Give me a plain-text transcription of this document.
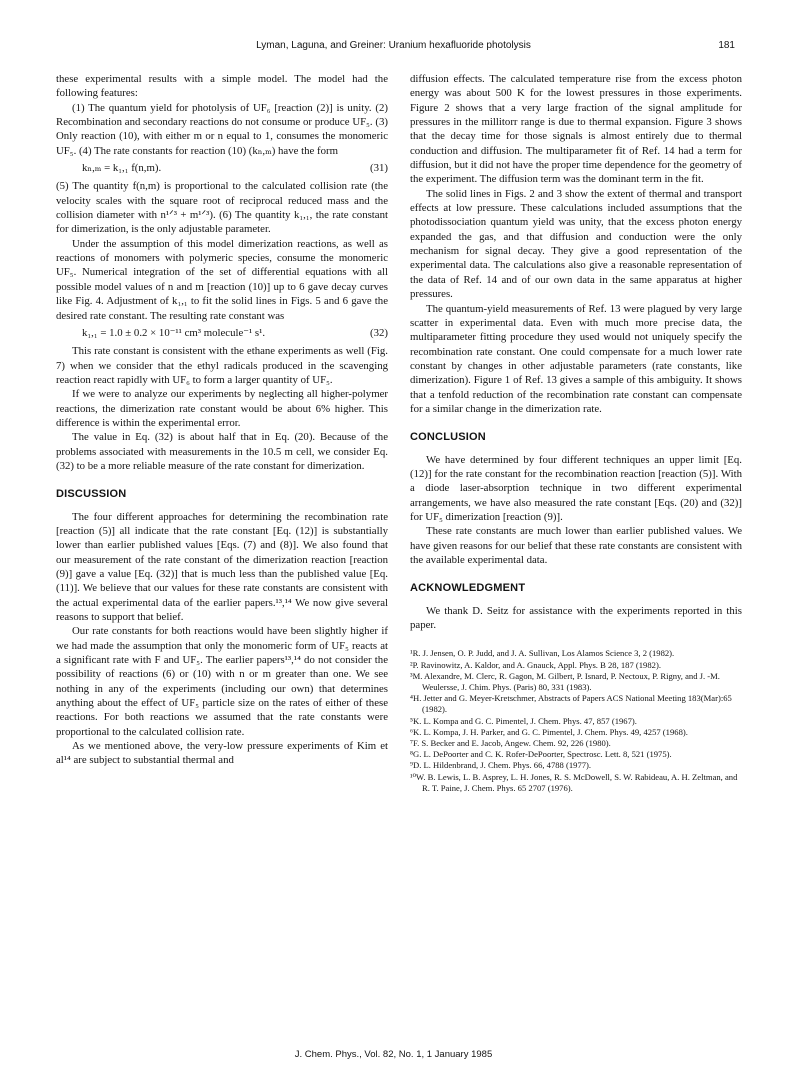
Lyman, Laguna, and Greiner: Uranium hexafluoride photolysis	181

these experimental results with a simple model. The model had the following features:

(1) The quantum yield for photolysis of UF₆ [reaction (2)] is unity. (2) Recombination and secondary reactions do not consume or produce UF₅. (3) Only reaction (10), with either m or n equal to 1, consumes the monomeric UF₅. (4) The rate constants for reaction (10) (kₙ,ₘ) have the form

kₙ,ₘ = k₁,₁ f(n,m).	(31)

(5) The quantity f(n,m) is proportional to the calculated collision rate (the velocity scales with the square root of reciprocal reduced mass and the collision diameter with n¹ᐟ³ + m¹ᐟ³). (6) The quantity k₁,₁, the rate constant for dimerization, is the only adjustable parameter.

Under the assumption of this model dimerization reactions, as well as reactions of monomers with polymeric species, consume the monomeric UF₅. Numerical integration of the set of differential equations with all possible model values of n and m [reaction (10)] up to 6 gave decay curves like Fig. 4. Adjustment of k₁,₁ to fit the solid lines in Figs. 5 and 6 gave the desired rate constant. The resulting rate constant was

k₁,₁ = 1.0 ± 0.2 × 10⁻¹¹ cm³ molecule⁻¹ s¹.	(32)

This rate constant is consistent with the ethane experiments as well (Fig. 7) when we consider that the ethyl radicals produced in the scavenging reaction react rapidly with UF₆ to form a larger quantity of UF₅.

If we were to analyze our experiments by neglecting all higher-polymer reactions, the dimerization rate constant would be about 6% higher. This difference is within the experimental error.

The value in Eq. (32) is about half that in Eq. (20). Because of the problems associated with measurements in the 10.5 m cell, we consider Eq. (32) to be a more reliable measure of the rate constant for dimerization.

DISCUSSION

The four different approaches for determining the recombination rate [reaction (5)] all indicate that the rate constant [Eq. (12)] is substantially lower than earlier published values [Eqs. (7) and (8)]. We also found that our measurement of the rate constant of the dimerization reaction [reaction (9)] gave a value [Eq. (32)] that is much less than the published value [Eq. (11)]. We believe that our values for these rate constants are consistent with the actual experimental data of the earlier papers.¹³,¹⁴ We now give several reasons to support that belief.

Our rate constants for both reactions would have been slightly higher if we had made the assumption that only the monomeric form of UF₅ reacts at a significant rate with F and UF₅. The earlier papers¹³,¹⁴ do not consider the possibility of reactions (6) or (10) with n or m greater than one. We see nothing in any of the experiments (including our own) that determines anything about the effect of UF₅ particle size on the rates of either of these reactions. For both reactions we assumed that the rate constants were proportional to the calculated collision rate.

As we mentioned above, the very-low pressure experiments of Kim et al¹⁴ are subject to substantial thermal and

diffusion effects. The calculated temperature rise from the excess photon energy was about 500 K for the lowest pressures in those experiments. Figure 2 shows that a very large fraction of the signal amplitude for pressures in the millitorr range is due to thermal expansion. Figure 3 shows that the decay time for those signals is almost entirely due to thermal conduction and diffusion. The multiparameter fit of Ref. 14 had a term for diffusion, but it did not have the proper time dependence for the geometry of the experiment. The diffusion term was the dominant term in the fit.

The solid lines in Figs. 2 and 3 show the extent of thermal and transport effects at low pressure. These calculations included assumptions that the photodissociation quantum yield was unity, that the excess photon energy expanded the gas, and that diffusion and conduction were the only mechanism for signal decay. They give a good representation of the experimental data. The calculations also give a reasonable representation of the data of Ref. 14 and of our own data in the same apparatus at higher pressures.

The quantum-yield measurements of Ref. 13 were plagued by very large scatter in experimental data. Even with much more precise data, the multiparameter fitting procedure they used would not uniquely specify the recombination rate constant. One could compensate for a much lower rate constant by changes in other adjustable parameters (rate constants, like dimerization). Figure 1 of Ref. 13 gives a sample of this ambiguity. It shows that a tenfold reduction of the recombination rate constant can compensate for a similar change in the dimerization rate.

CONCLUSION

We have determined by four different techniques an upper limit [Eq. (12)] for the rate constant for the recombination reaction [reaction (5)]. With a diode laser-absorption technique in two different experimental arrangements, we have also measured the rate constant [Eqs. (20) and (32)] for UF₅ dimerization [reaction (9)].

These rate constants are much lower than earlier published values. We have given reasons for our belief that these rate constants are consistent with the available experimental data.

ACKNOWLEDGMENT

We thank D. Seitz for assistance with the experiments reported in this paper.

¹R. J. Jensen, O. P. Judd, and J. A. Sullivan, Los Alamos Science 3, 2 (1982).
²P. Ravinowitz, A. Kaldor, and A. Gnauck, Appl. Phys. B 28, 187 (1982).
³M. Alexandre, M. Clerc, R. Gagon, M. Gilbert, P. Isnard, P. Nectoux, P. Rigny, and J. -M. Weulersse, J. Chim. Phys. (Paris) 80, 331 (1983).
⁴H. Jetter and G. Meyer-Kretschmer, Abstracts of Papers ACS National Meeting 183(Mar):65 (1982).
⁵K. L. Kompa and G. C. Pimentel, J. Chem. Phys. 47, 857 (1967).
⁶K. L. Kompa, J. H. Parker, and G. C. Pimentel, J. Chem. Phys. 49, 4257 (1968).
⁷F. S. Becker and E. Jacob, Angew. Chem. 92, 226 (1980).
⁸G. L. DePoorter and C. K. Rofer-DePoorter, Spectrosc. Lett. 8, 521 (1975).
⁹D. L. Hildenbrand, J. Chem. Phys. 66, 4788 (1977).
¹⁰W. B. Lewis, L. B. Asprey, L. H. Jones, R. S. McDowell, S. W. Rabideau, A. H. Zeltman, and R. T. Paine, J. Chem. Phys. 65 2707 (1976).
J. Chem. Phys., Vol. 82, No. 1, 1 January 1985
